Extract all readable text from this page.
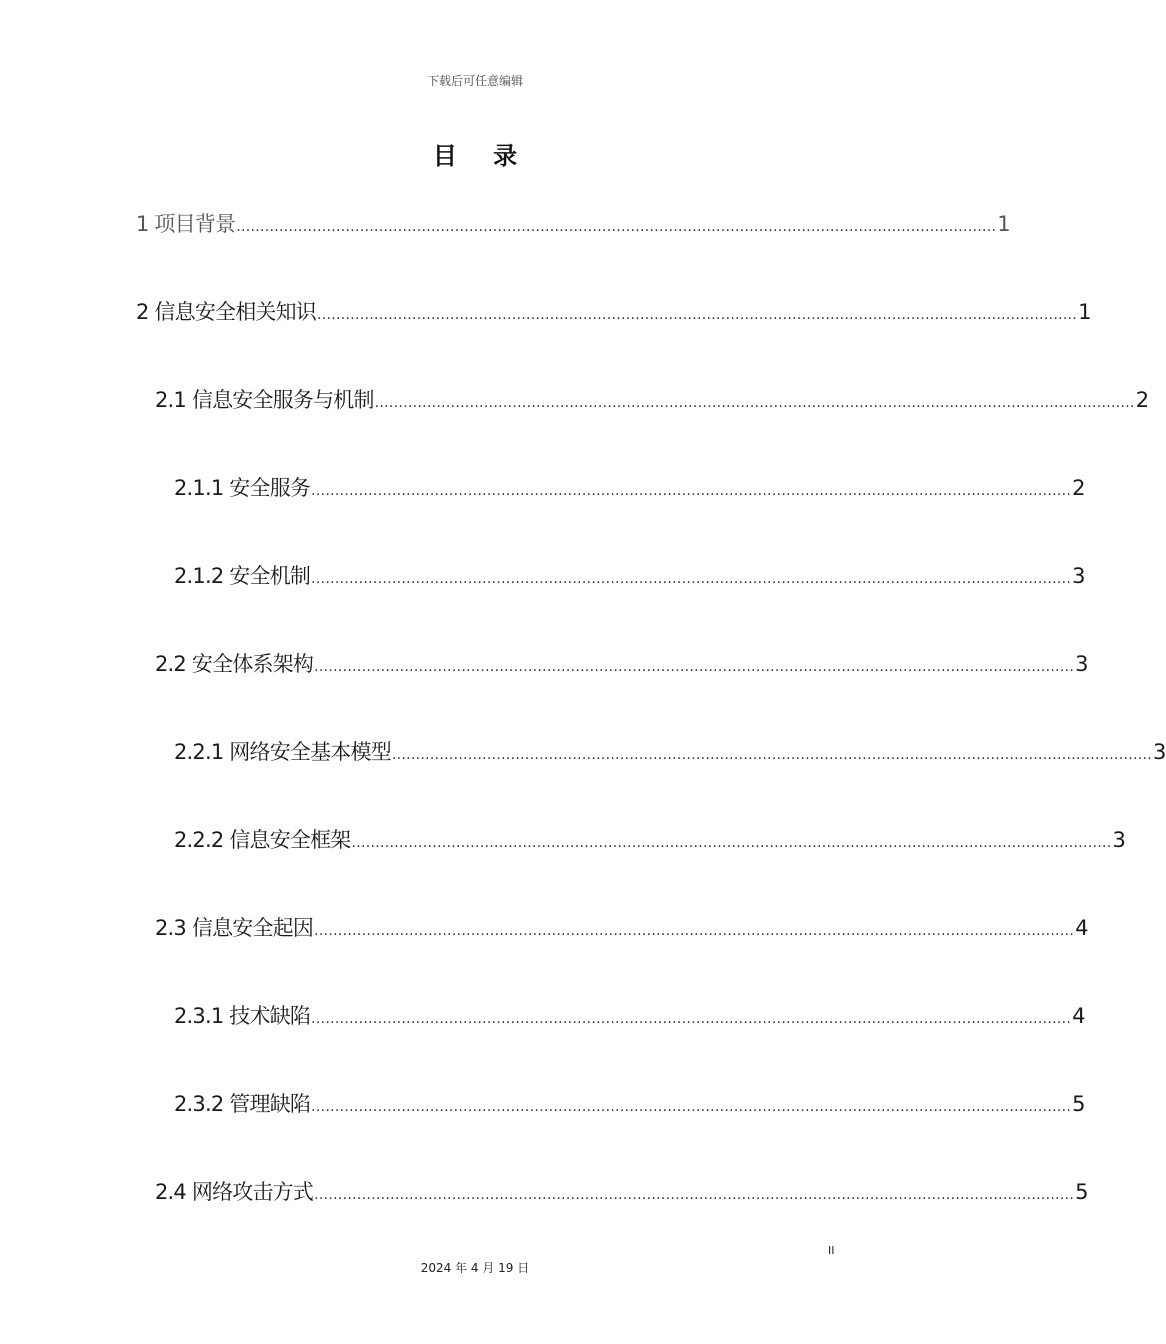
下载后可任意编辑
目 录
1 项目背景 ................................................................................................................................................................ 1
2 信息安全相关知识 ................................................................................................................................................................ 1
2.1 信息安全服务与机制 ................................................................................................................................................................ 2
2.1.1 安全服务 ................................................................................................................................................................ 2
2.1.2 安全机制 ................................................................................................................................................................ 3
2.2 安全体系架构 ................................................................................................................................................................ 3
2.2.1 网络安全基本模型 ................................................................................................................................................................ 3
2.2.2 信息安全框架 ................................................................................................................................................................ 3
2.3 信息安全起因 ................................................................................................................................................................ 4
2.3.1 技术缺陷 ................................................................................................................................................................ 4
2.3.2 管理缺陷 ................................................................................................................................................................ 5
2.4 网络攻击方式 ................................................................................................................................................................ 5
II
2024 年 4 月 19 日
